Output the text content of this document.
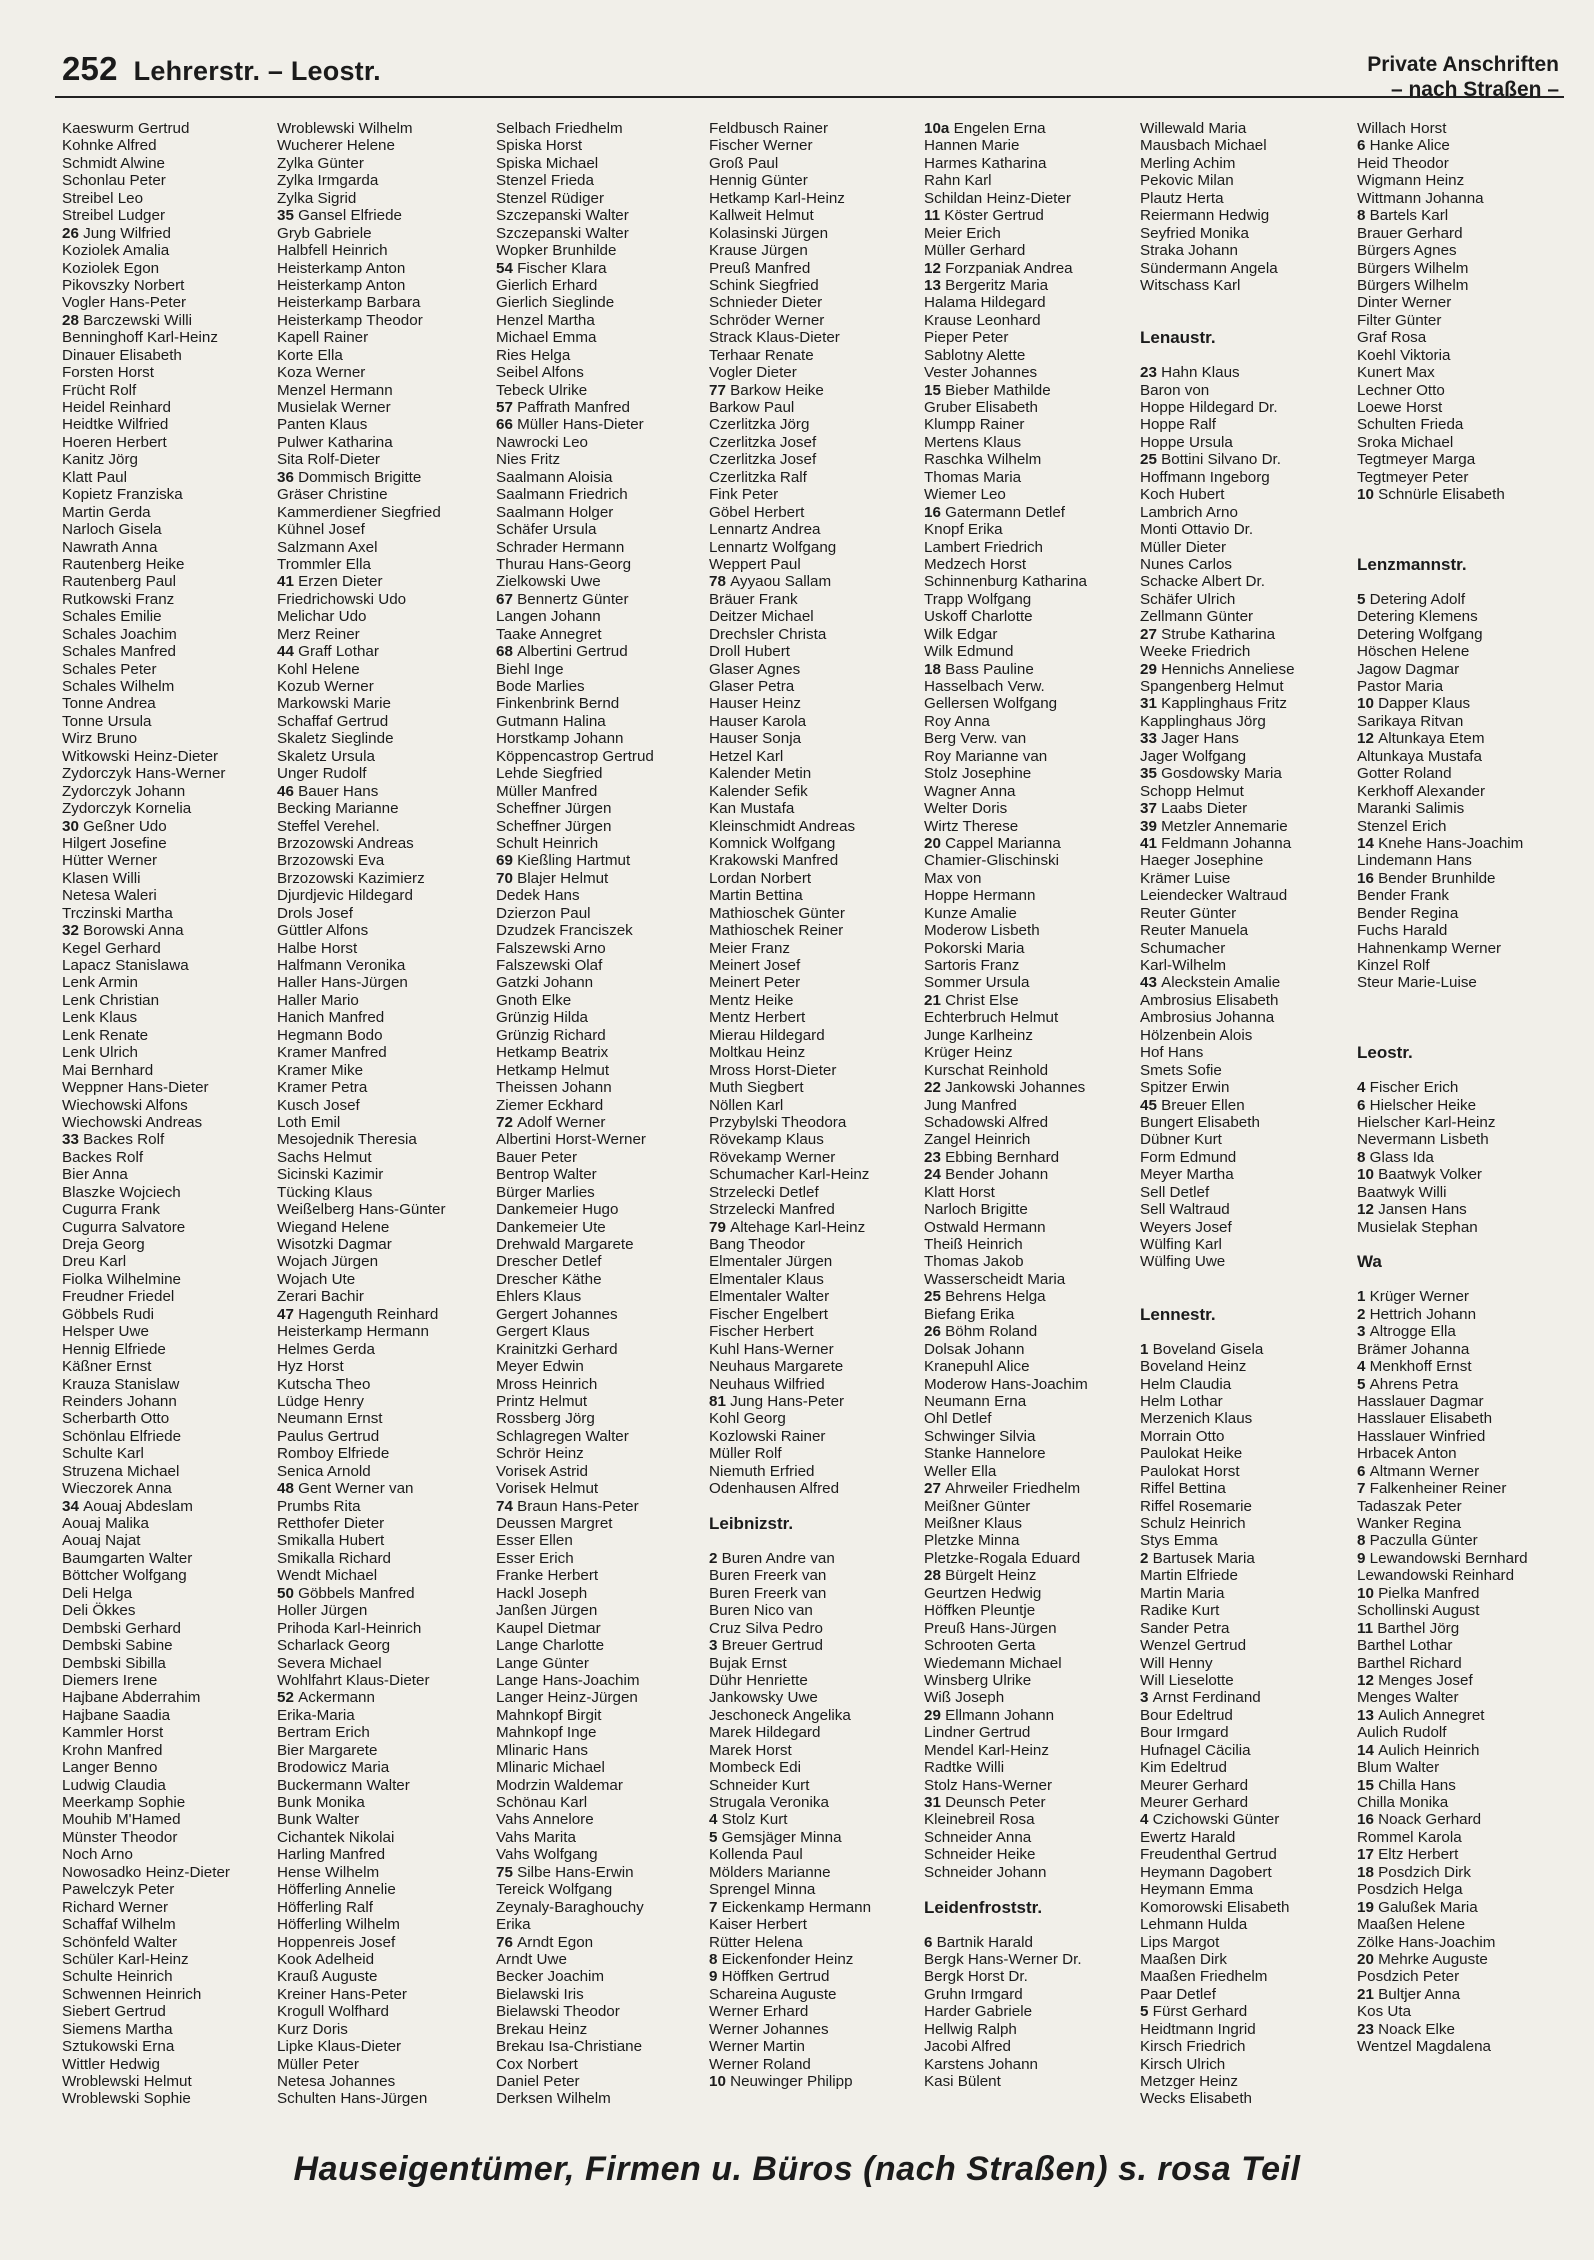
252 Lehrerstr. – Leostr.	Private Anschriften
– nach Straßen –
Kaeswurm Gertrud
Kohnke Alfred
Schmidt Alwine
Schonlau Peter
Streibel Leo
Streibel Ludger
26 Jung Wilfried
Koziolek Amalia
Koziolek Egon
Pikovszky Norbert
Vogler Hans-Peter
28 Barczewski Willi
Benninghoff Karl-Heinz
Dinauer Elisabeth
Forsten Horst
Frücht Rolf
Heidel Reinhard
Heidtke Wilfried
Hoeren Herbert
Kanitz Jörg
Klatt Paul
Kopietz Franziska
Martin Gerda
Narloch Gisela
Nawrath Anna
Rautenberg Heike
Rautenberg Paul
Rutkowski Franz
Schales Emilie
Schales Joachim
Schales Manfred
Schales Peter
Schales Wilhelm
Tonne Andrea
Tonne Ursula
Wirz Bruno
Witkowski Heinz-Dieter
Zydorczyk Hans-Werner
Zydorczyk Johann
Zydorczyk Kornelia
30 Geßner Udo
Hilgert Josefine
Hütter Werner
Klasen Willi
Netesa Waleri
Trczinski Martha
32 Borowski Anna
Kegel Gerhard
Lapacz Stanislawa
Lenk Armin
Lenk Christian
Lenk Klaus
Lenk Renate
Lenk Ulrich
Mai Bernhard
Weppner Hans-Dieter
Wiechowski Alfons
Wiechowski Andreas
33 Backes Rolf
Backes Rolf
Bier Anna
Blaszke Wojciech
Cugurra Frank
Cugurra Salvatore
Dreja Georg
Dreu Karl
Fiolka Wilhelmine
Freudner Friedel
Göbbels Rudi
Helsper Uwe
Hennig Elfriede
Käßner Ernst
Krauza Stanislaw
Reinders Johann
Scherbarth Otto
Schönlau Elfriede
Schulte Karl
Struzena Michael
Wieczorek Anna
34 Aouaj Abdeslam
Aouaj Malika
Aouaj Najat
Baumgarten Walter
Böttcher Wolfgang
Deli Helga
Deli Ökkes
Dembski Gerhard
Dembski Sabine
Dembski Sibilla
Diemers Irene
Hajbane Abderrahim
Hajbane Saadia
Kammler Horst
Krohn Manfred
Langer Benno
Ludwig Claudia
Meerkamp Sophie
Mouhib M'Hamed
Münster Theodor
Noch Arno
Nowosadko Heinz-Dieter
Pawelczyk Peter
Richard Werner
Schaffaf Wilhelm
Schönfeld Walter
Schüler Karl-Heinz
Schulte Heinrich
Schwennen Heinrich
Siebert Gertrud
Siemens Martha
Sztukowski Erna
Wittler Hedwig
Wroblewski Helmut
Wroblewski Sophie
Wroblewski Wilhelm
Wucherer Helene
Zylka Günter
Zylka Irmgarda
Zylka Sigrid
35 Gansel Elfriede
Gryb Gabriele
Halbfell Heinrich
Heisterkamp Anton
Heisterkamp Anton
Heisterkamp Barbara
Heisterkamp Theodor
Kapell Rainer
Korte Ella
Koza Werner
Menzel Hermann
Musielak Werner
Panten Klaus
Pulwer Katharina
Sita Rolf-Dieter
36 Dommisch Brigitte
Gräser Christine
Kammerdiener Siegfried
Kühnel Josef
Salzmann Axel
Trommler Ella
41 Erzen Dieter
Friedrichowski Udo
Melichar Udo
Merz Reiner
44 Graff Lothar
Kohl Helene
Kozub Werner
Markowski Marie
Schaffaf Gertrud
Skaletz Sieglinde
Skaletz Ursula
Unger Rudolf
46 Bauer Hans
Becking Marianne
Steffel Verehel.
Brzozowski Andreas
Brzozowski Eva
Brzozowski Kazimierz
Djurdjevic Hildegard
Drols Josef
Güttler Alfons
Halbe Horst
Halfmann Veronika
Haller Hans-Jürgen
Haller Mario
Hanich Manfred
Hegmann Bodo
Kramer Manfred
Kramer Mike
Kramer Petra
Kusch Josef
Loth Emil
Mesojednik Theresia
Sachs Helmut
Sicinski Kazimir
Tücking Klaus
Weißelberg Hans-Günter
Wiegand Helene
Wisotzki Dagmar
Wojach Jürgen
Wojach Ute
Zerari Bachir
47 Hagenguth Reinhard
Heisterkamp Hermann
Helmes Gerda
Hyz Horst
Kutscha Theo
Lüdge Henry
Neumann Ernst
Paulus Gertrud
Romboy Elfriede
Senica Arnold
48 Gent Werner van
Prumbs Rita
Retthofer Dieter
Smikalla Hubert
Smikalla Richard
Wendt Michael
50 Göbbels Manfred
Holler Jürgen
Prihoda Karl-Heinrich
Scharlack Georg
Severa Michael
Wohlfahrt Klaus-Dieter
52 Ackermann
Erika-Maria
Bertram Erich
Bier Margarete
Brodowicz Maria
Buckermann Walter
Bunk Monika
Bunk Walter
Cichantek Nikolai
Harling Manfred
Hense Wilhelm
Höfferling Annelie
Höfferling Ralf
Höfferling Wilhelm
Hoppenreis Josef
Kook Adelheid
Krauß Auguste
Kreiner Hans-Peter
Krogull Wolfhard
Kurz Doris
Lipke Klaus-Dieter
Müller Peter
Netesa Johannes
Schulten Hans-Jürgen
Selbach Friedhelm
Spiska Horst
Spiska Michael
Stenzel Frieda
Stenzel Rüdiger
Szczepanski Walter
Szczepanski Walter
Wopker Brunhilde
54 Fischer Klara
Gierlich Erhard
Gierlich Sieglinde
Henzel Martha
Michael Emma
Ries Helga
Seibel Alfons
Tebeck Ulrike
57 Paffrath Manfred
66 Müller Hans-Dieter
Nawrocki Leo
Nies Fritz
Saalmann Aloisia
Saalmann Friedrich
Saalmann Holger
Schäfer Ursula
Schrader Hermann
Thurau Hans-Georg
Zielkowski Uwe
67 Bennertz Günter
Langen Johann
Taake Annegret
68 Albertini Gertrud
Biehl Inge
Bode Marlies
Finkenbrink Bernd
Gutmann Halina
Horstkamp Johann
Köppencastrop Gertrud
Lehde Siegfried
Müller Manfred
Scheffner Jürgen
Scheffner Jürgen
Schult Heinrich
69 Kießling Hartmut
70 Blajer Helmut
Dedek Hans
Dzierzon Paul
Dzudzek Franciszek
Falszewski Arno
Falszewski Olaf
Gatzki Johann
Gnoth Elke
Grünzig Hilda
Grünzig Richard
Hetkamp Beatrix
Hetkamp Helmut
Theissen Johann
Ziemer Eckhard
72 Adolf Werner
Albertini Horst-Werner
Bauer Peter
Bentrop Walter
Bürger Marlies
Dankemeier Hugo
Dankemeier Ute
Drehwald Margarete
Drescher Detlef
Drescher Käthe
Ehlers Klaus
Gergert Johannes
Gergert Klaus
Krainitzki Gerhard
Meyer Edwin
Mross Heinrich
Printz Helmut
Rossberg Jörg
Schlagregen Walter
Schrör Heinz
Vorisek Astrid
Vorisek Helmut
74 Braun Hans-Peter
Deussen Margret
Esser Ellen
Esser Erich
Franke Herbert
Hackl Joseph
Janßen Jürgen
Kaupel Dietmar
Lange Charlotte
Lange Günter
Lange Hans-Joachim
Langer Heinz-Jürgen
Mahnkopf Birgit
Mahnkopf Inge
Mlinaric Hans
Mlinaric Michael
Modrzin Waldemar
Schönau Karl
Vahs Annelore
Vahs Marita
Vahs Wolfgang
75 Silbe Hans-Erwin
Tereick Wolfgang
Zeynaly-Baraghouchy
Erika
76 Arndt Egon
Arndt Uwe
Becker Joachim
Bielawski Iris
Bielawski Theodor
Brekau Heinz
Brekau Isa-Christiane
Cox Norbert
Daniel Peter
Derksen Wilhelm
Feldbusch Rainer
Fischer Werner
Groß Paul
Hennig Günter
Hetkamp Karl-Heinz
Kallweit Helmut
Kolasinski Jürgen
Krause Jürgen
Preuß Manfred
Schink Siegfried
Schnieder Dieter
Schröder Werner
Strack Klaus-Dieter
Terhaar Renate
Vogler Dieter
77 Barkow Heike
Barkow Paul
Czerlitzka Jörg
Czerlitzka Josef
Czerlitzka Josef
Czerlitzka Ralf
Fink Peter
Göbel Herbert
Lennartz Andrea
Lennartz Wolfgang
Weppert Paul
78 Ayyaou Sallam
Bräuer Frank
Deitzer Michael
Drechsler Christa
Droll Hubert
Glaser Agnes
Glaser Petra
Hauser Heinz
Hauser Karola
Hauser Sonja
Hetzel Karl
Kalender Metin
Kalender Sefik
Kan Mustafa
Kleinschmidt Andreas
Komnick Wolfgang
Krakowski Manfred
Lordan Norbert
Martin Bettina
Mathioschek Günter
Mathioschek Reiner
Meier Franz
Meinert Josef
Meinert Peter
Mentz Heike
Mentz Herbert
Mierau Hildegard
Moltkau Heinz
Mross Horst-Dieter
Muth Siegbert
Nöllen Karl
Przybylski Theodora
Rövekamp Klaus
Rövekamp Werner
Schumacher Karl-Heinz
Strzelecki Detlef
Strzelecki Manfred
79 Altehage Karl-Heinz
Bang Theodor
Elmentaler Jürgen
Elmentaler Klaus
Elmentaler Walter
Fischer Engelbert
Fischer Herbert
Kuhl Hans-Werner
Neuhaus Margarete
Neuhaus Wilfried
81 Jung Hans-Peter
Kohl Georg
Kozlowski Rainer
Müller Rolf
Niemuth Erfried
Odenhausen Alfred
Leibnizstr.
2 Buren Andre van
Buren Freerk van
Buren Freerk van
Buren Nico van
Cruz Silva Pedro
3 Breuer Gertrud
Bujak Ernst
Dühr Henriette
Jankowsky Uwe
Jeschoneck Angelika
Marek Hildegard
Marek Horst
Mombeck Edi
Schneider Kurt
Strugala Veronika
4 Stolz Kurt
5 Gemsjäger Minna
Kollenda Paul
Mölders Marianne
Sprengel Minna
7 Eickenkamp Hermann
Kaiser Herbert
Rütter Helena
8 Eickenfonder Heinz
9 Höffken Gertrud
Schareina Auguste
Werner Erhard
Werner Johannes
Werner Martin
Werner Roland
10 Neuwinger Philipp
10a Engelen Erna
Hannen Marie
Harmes Katharina
Rahn Karl
Schildan Heinz-Dieter
11 Köster Gertrud
Meier Erich
Müller Gerhard
12 Forzpaniak Andrea
13 Bergeritz Maria
Halama Hildegard
Krause Leonhard
Pieper Peter
Sablotny Alette
Vester Johannes
15 Bieber Mathilde
Gruber Elisabeth
Klumpp Rainer
Mertens Klaus
Raschka Wilhelm
Thomas Maria
Wiemer Leo
16 Gatermann Detlef
Knopf Erika
Lambert Friedrich
Medzech Horst
Schinnenburg Katharina
Trapp Wolfgang
Uskoff Charlotte
Wilk Edgar
Wilk Edmund
18 Bass Pauline
Hasselbach Verw.
Gellersen Wolfgang
Roy Anna
Berg Verw. van
Roy Marianne van
Stolz Josephine
Wagner Anna
Welter Doris
Wirtz Therese
20 Cappel Marianna
Chamier-Glischinski
Max von
Hoppe Hermann
Kunze Amalie
Moderow Lisbeth
Pokorski Maria
Sartoris Franz
Sommer Ursula
21 Christ Else
Echterbruch Helmut
Junge Karlheinz
Krüger Heinz
Kurschat Reinhold
22 Jankowski Johannes
Jung Manfred
Schadowski Alfred
Zangel Heinrich
23 Ebbing Bernhard
24 Bender Johann
Klatt Horst
Narloch Brigitte
Ostwald Hermann
Theiß Heinrich
Thomas Jakob
Wasserscheidt Maria
25 Behrens Helga
Biefang Erika
26 Böhm Roland
Dolsak Johann
Kranepuhl Alice
Moderow Hans-Joachim
Neumann Erna
Ohl Detlef
Schwinger Silvia
Stanke Hannelore
Weller Ella
27 Ahrweiler Friedhelm
Meißner Günter
Meißner Klaus
Pletzke Minna
Pletzke-Rogala Eduard
28 Bürgelt Heinz
Geurtzen Hedwig
Höffken Pleuntje
Preuß Hans-Jürgen
Schrooten Gerta
Wiedemann Michael
Winsberg Ulrike
Wiß Joseph
29 Ellmann Johann
Lindner Gertrud
Mendel Karl-Heinz
Radtke Willi
Stolz Hans-Werner
31 Deunsch Peter
Kleinebreil Rosa
Schneider Anna
Schneider Heike
Schneider Johann
Leidenfroststr.
6 Bartnik Harald
Bergk Hans-Werner Dr.
Bergk Horst Dr.
Gruhn Irmgard
Harder Gabriele
Hellwig Ralph
Jacobi Alfred
Karstens Johann
Kasi Bülent
Willewald Maria
Mausbach Michael
Merling Achim
Pekovic Milan
Plautz Herta
Reiermann Hedwig
Seyfried Monika
Straka Johann
Sündermann Angela
Witschass Karl
Lenaustr.
23 Hahn Klaus
Baron von
Hoppe Hildegard Dr.
Hoppe Ralf
Hoppe Ursula
25 Bottini Silvano Dr.
Hoffmann Ingeborg
Koch Hubert
Lambrich Arno
Monti Ottavio Dr.
Müller Dieter
Nunes Carlos
Schacke Albert Dr.
Schäfer Ulrich
Zellmann Günter
27 Strube Katharina
Weeke Friedrich
29 Hennichs Anneliese
Spangenberg Helmut
31 Kapplinghaus Fritz
Kapplinghaus Jörg
33 Jager Hans
Jager Wolfgang
35 Gosdowsky Maria
Schopp Helmut
37 Laabs Dieter
39 Metzler Annemarie
41 Feldmann Johanna
Haeger Josephine
Krämer Luise
Leiendecker Waltraud
Reuter Günter
Reuter Manuela
Schumacher
Karl-Wilhelm
43 Aleckstein Amalie
Ambrosius Elisabeth
Ambrosius Johanna
Hölzenbein Alois
Hof Hans
Smets Sofie
Spitzer Erwin
45 Breuer Ellen
Bungert Elisabeth
Dübner Kurt
Form Edmund
Meyer Martha
Sell Detlef
Sell Waltraud
Weyers Josef
Wülfing Karl
Wülfing Uwe
Lennestr.
1 Boveland Gisela
Boveland Heinz
Helm Claudia
Helm Lothar
Merzenich Klaus
Morrain Otto
Paulokat Heike
Paulokat Horst
Riffel Bettina
Riffel Rosemarie
Schulz Heinrich
Stys Emma
2 Bartusek Maria
Martin Elfriede
Martin Maria
Radike Kurt
Sander Petra
Wenzel Gertrud
Will Henny
Will Lieselotte
3 Arnst Ferdinand
Bour Edeltrud
Bour Irmgard
Hufnagel Cäcilia
Kim Edeltrud
Meurer Gerhard
Meurer Gerhard
4 Czichowski Günter
Ewertz Harald
Freudenthal Gertrud
Heymann Dagobert
Heymann Emma
Komorowski Elisabeth
Lehmann Hulda
Lips Margot
Maaßen Dirk
Maaßen Friedhelm
Paar Detlef
5 Fürst Gerhard
Heidtmann Ingrid
Kirsch Friedrich
Kirsch Ulrich
Metzger Heinz
Wecks Elisabeth
Willach Horst
6 Hanke Alice
Heid Theodor
Wigmann Heinz
Wittmann Johanna
8 Bartels Karl
Brauer Gerhard
Bürgers Agnes
Bürgers Wilhelm
Bürgers Wilhelm
Dinter Werner
Filter Günter
Graf Rosa
Koehl Viktoria
Kunert Max
Lechner Otto
Loewe Horst
Schulten Frieda
Sroka Michael
Tegtmeyer Marga
Tegtmeyer Peter
10 Schnürle Elisabeth
Lenzmannstr.
5 Detering Adolf
Detering Klemens
Detering Wolfgang
Höschen Helene
Jagow Dagmar
Pastor Maria
10 Dapper Klaus
Sarikaya Ritvan
12 Altunkaya Etem
Altunkaya Mustafa
Gotter Roland
Kerkhoff Alexander
Maranki Salimis
Stenzel Erich
14 Knehe Hans-Joachim
Lindemann Hans
16 Bender Brunhilde
Bender Frank
Bender Regina
Fuchs Harald
Hahnenkamp Werner
Kinzel Rolf
Steur Marie-Luise
Leostr.
4 Fischer Erich
6 Hielscher Heike
Hielscher Karl-Heinz
Nevermann Lisbeth
8 Glass Ida
10 Baatwyk Volker
Baatwyk Willi
12 Jansen Hans
Musielak Stephan
Wa
1 Krüger Werner
2 Hettrich Johann
3 Altrogge Ella
Brämer Johanna
4 Menkhoff Ernst
5 Ahrens Petra
Hasslauer Dagmar
Hasslauer Elisabeth
Hasslauer Winfried
Hrbacek Anton
6 Altmann Werner
7 Falkenheiner Reiner
Tadaszak Peter
Wanker Regina
8 Paczulla Günter
9 Lewandowski Bernhard
Lewandowski Reinhard
10 Pielka Manfred
Schollinski August
11 Barthel Jörg
Barthel Lothar
Barthel Richard
12 Menges Josef
Menges Walter
13 Aulich Annegret
Aulich Rudolf
14 Aulich Heinrich
Blum Walter
15 Chilla Hans
Chilla Monika
16 Noack Gerhard
Rommel Karola
17 Eltz Herbert
18 Posdzich Dirk
Posdzich Helga
19 Galußek Maria
Maaßen Helene
Zölke Hans-Joachim
20 Mehrke Auguste
Posdzich Peter
21 Bultjer Anna
Kos Uta
23 Noack Elke
Wentzel Magdalena
Hauseigentümer, Firmen u. Büros (nach Straßen) s. rosa Teil
